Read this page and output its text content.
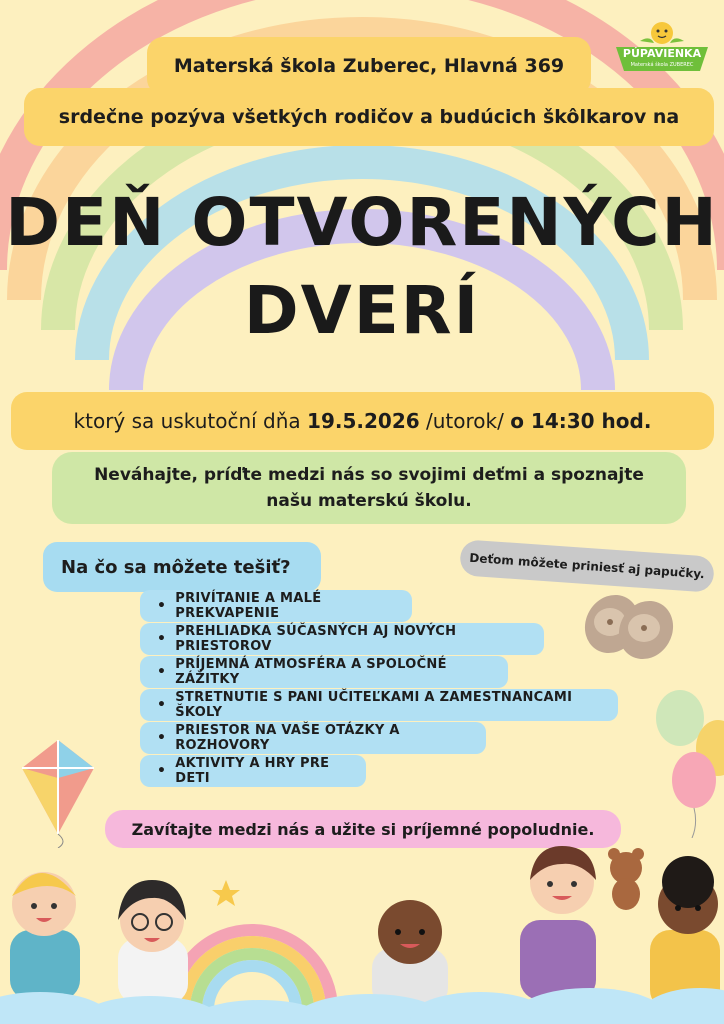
PÚPAVIENKA
Materská škola ZUBEREC
srdečne pozýva všetkých rodičov a budúcich škôlkarov na
Materská škola Zuberec, Hlavná 369
DEŇ OTVORENÝCH
DVERÍ
ktorý sa uskutoční dňa 19.5.2026 /utorok/ o 14:30 hod.
Neváhajte, príďte medzi nás so svojimi deťmi a spoznajte
našu materskú školu.
Na čo sa môžete tešiť?
• PRIVÍTANIE A MALÉ PREKVAPENIE
• PREHLIADKA SÚČASNÝCH AJ NOVÝCH PRIESTOROV
• PRÍJEMNÁ ATMOSFÉRA A SPOLOČNÉ ZÁŽITKY
• STRETNUTIE S PANI UČITEĽKAMI A ZAMESTNANCAMI ŠKOLY
• PRIESTOR NA VAŠE OTÁZKY A ROZHOVORY
• AKTIVITY A HRY PRE DETI
Deťom môžete priniesť aj papučky.
Zavítajte medzi nás a užite si príjemné popoludnie.
